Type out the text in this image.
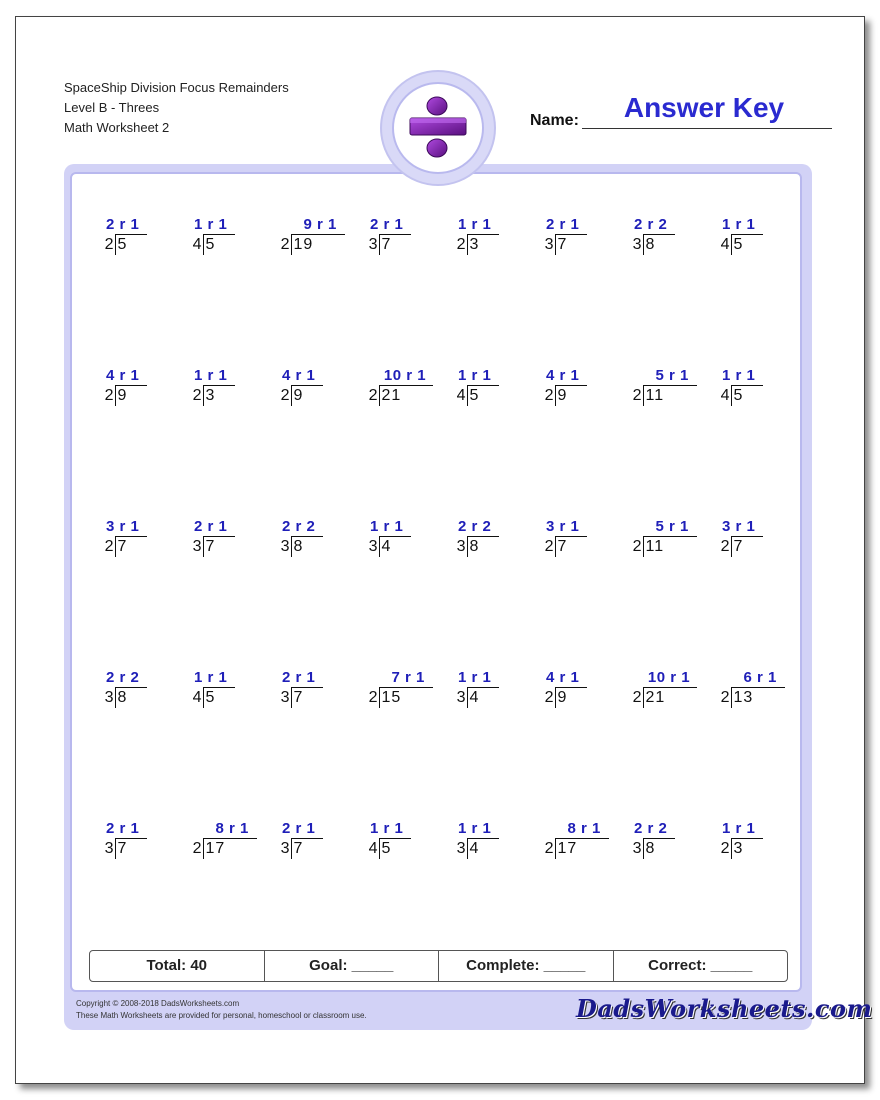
SpaceShip Division Focus Remainders
Level B - Threes
Math Worksheet 2	Name:	Answer Key
2 r 1
2 5
1 r 1
4 5
9 r 1
2 19
2 r 1
3 7
1 r 1
2 3
2 r 1
3 7
2 r 2
3 8
1 r 1
4 5
4 r 1
2 9
1 r 1
2 3
4 r 1
2 9
10 r 1
2 21
1 r 1
4 5
4 r 1
2 9
5 r 1
2 11
1 r 1
4 5
3 r 1
2 7
2 r 1
3 7
2 r 2
3 8
1 r 1
3 4
2 r 2
3 8
3 r 1
2 7
5 r 1
2 11
3 r 1
2 7
2 r 2
3 8
1 r 1
4 5
2 r 1
3 7
7 r 1
2 15
1 r 1
3 4
4 r 1
2 9
10 r 1
2 21
6 r 1
2 13
2 r 1
3 7
8 r 1
2 17
2 r 1
3 7
1 r 1
4 5
1 r 1
3 4
8 r 1
2 17
2 r 2
3 8
1 r 1
2 3
Total: 40	Goal: _____	Complete: _____	Correct: _____
Copyright © 2008-2018 DadsWorksheets.com
These Math Worksheets are provided for personal, homeschool or classroom use.	DadsWorksheets.com
